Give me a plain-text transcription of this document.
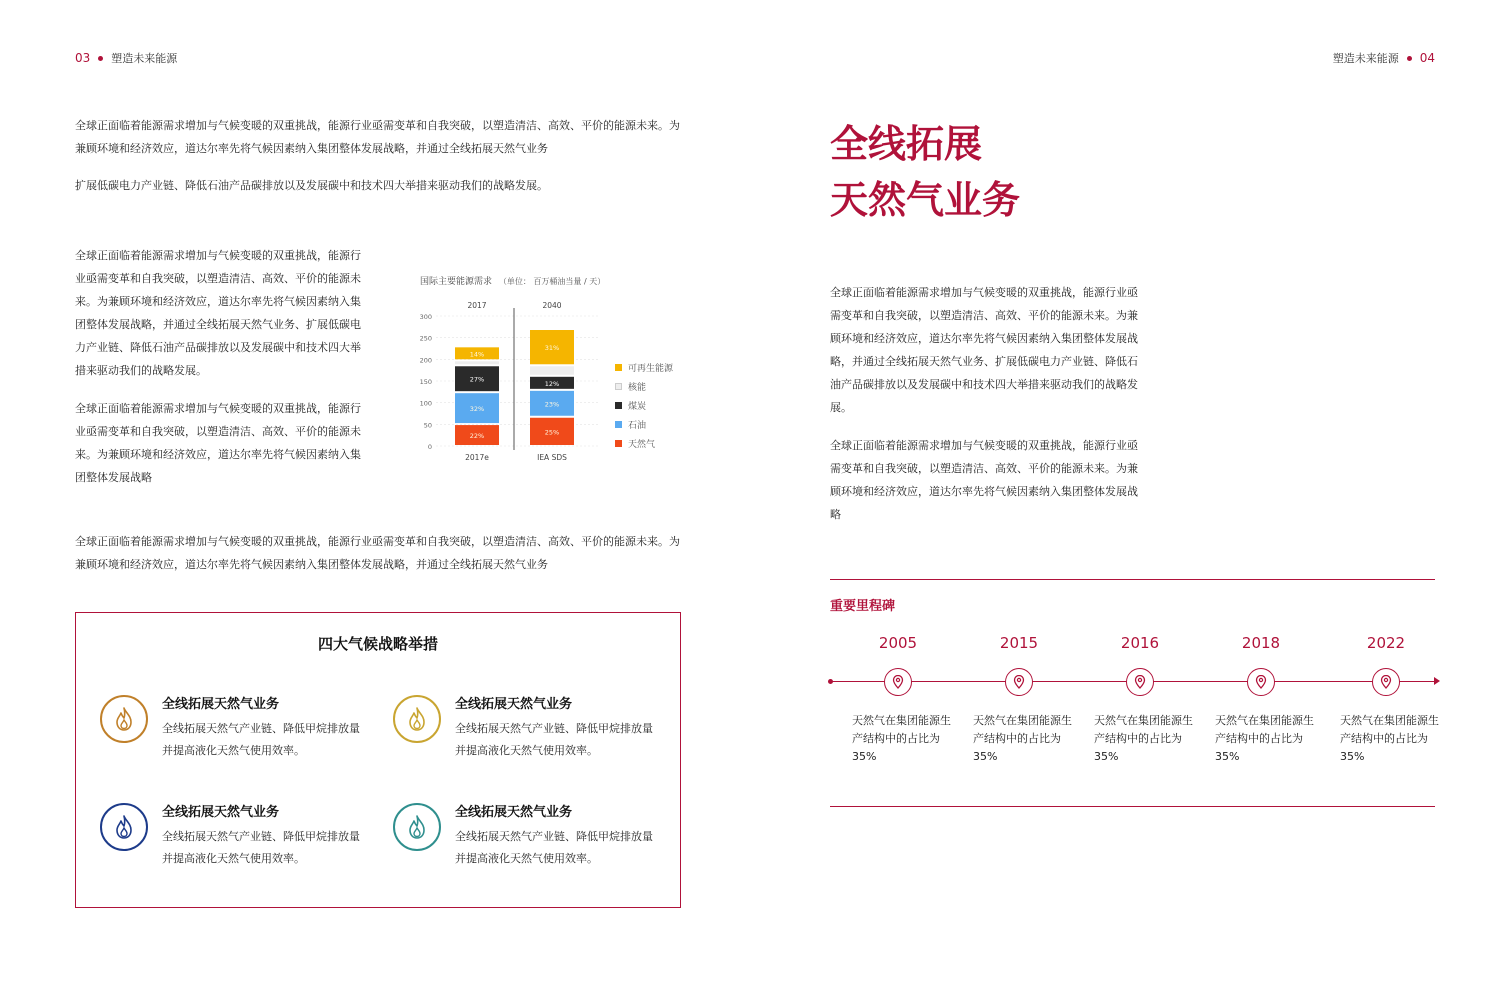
03 塑造未来能源	塑造未来能源 04

全球正面临着能源需求增加与气候变暖的双重挑战，能源行业亟需变革和自我突破，以塑造清洁、高效、平价的能源未来。为兼顾环境和经济效应，道达尔率先将气候因素纳入集团整体发展战略，并通过全线拓展天然气业务

扩展低碳电力产业链、降低石油产品碳排放以及发展碳中和技术四大举措来驱动我们的战略发展。

全球正面临着能源需求增加与气候变暖的双重挑战，能源行业亟需变革和自我突破，以塑造清洁、高效、平价的能源未来。为兼顾环境和经济效应，道达尔率先将气候因素纳入集团整体发展战略，并通过全线拓展天然气业务、扩展低碳电力产业链、降低石油产品碳排放以及发展碳中和技术四大举措来驱动我们的战略发展。

全球正面临着能源需求增加与气候变暖的双重挑战，能源行业亟需变革和自我突破，以塑造清洁、高效、平价的能源未来。为兼顾环境和经济效应，道达尔率先将气候因素纳入集团整体发展战略

国际主要能源需求 （单位： 百万桶油当量 / 天）
300
250
200
150
100
50
0
2017	2040
2017e	IEA SDS
22%
32%
27%
14%
25%
23%
12%
31%
可再生能源
核能
煤炭
石油
天然气

全球正面临着能源需求增加与气候变暖的双重挑战，能源行业亟需变革和自我突破，以塑造清洁、高效、平价的能源未来。为兼顾环境和经济效应，道达尔率先将气候因素纳入集团整体发展战略，并通过全线拓展天然气业务

四大气候战略举措
全线拓展天然气业务

全线拓展天然气产业链、降低甲烷排放量并提高液化天然气使用效率。

全线拓展天然气业务

全线拓展天然气产业链、降低甲烷排放量并提高液化天然气使用效率。

全线拓展天然气业务

全线拓展天然气产业链、降低甲烷排放量并提高液化天然气使用效率。

全线拓展天然气业务

全线拓展天然气产业链、降低甲烷排放量并提高液化天然气使用效率。

全线拓展

天然气业务

全球正面临着能源需求增加与气候变暖的双重挑战，能源行业亟需变革和自我突破，以塑造清洁、高效、平价的能源未来。为兼顾环境和经济效应，道达尔率先将气候因素纳入集团整体发展战略，并通过全线拓展天然气业务、扩展低碳电力产业链、降低石油产品碳排放以及发展碳中和技术四大举措来驱动我们的战略发展。

全球正面临着能源需求增加与气候变暖的双重挑战，能源行业亟需变革和自我突破，以塑造清洁、高效、平价的能源未来。为兼顾环境和经济效应，道达尔率先将气候因素纳入集团整体发展战略

重要里程碑
2005
天然气在集团能源生产结构中的占比为 35%
2015
天然气在集团能源生产结构中的占比为 35%
2016
天然气在集团能源生产结构中的占比为 35%
2018
天然气在集团能源生产结构中的占比为 35%
2022
天然气在集团能源生产结构中的占比为 35%
